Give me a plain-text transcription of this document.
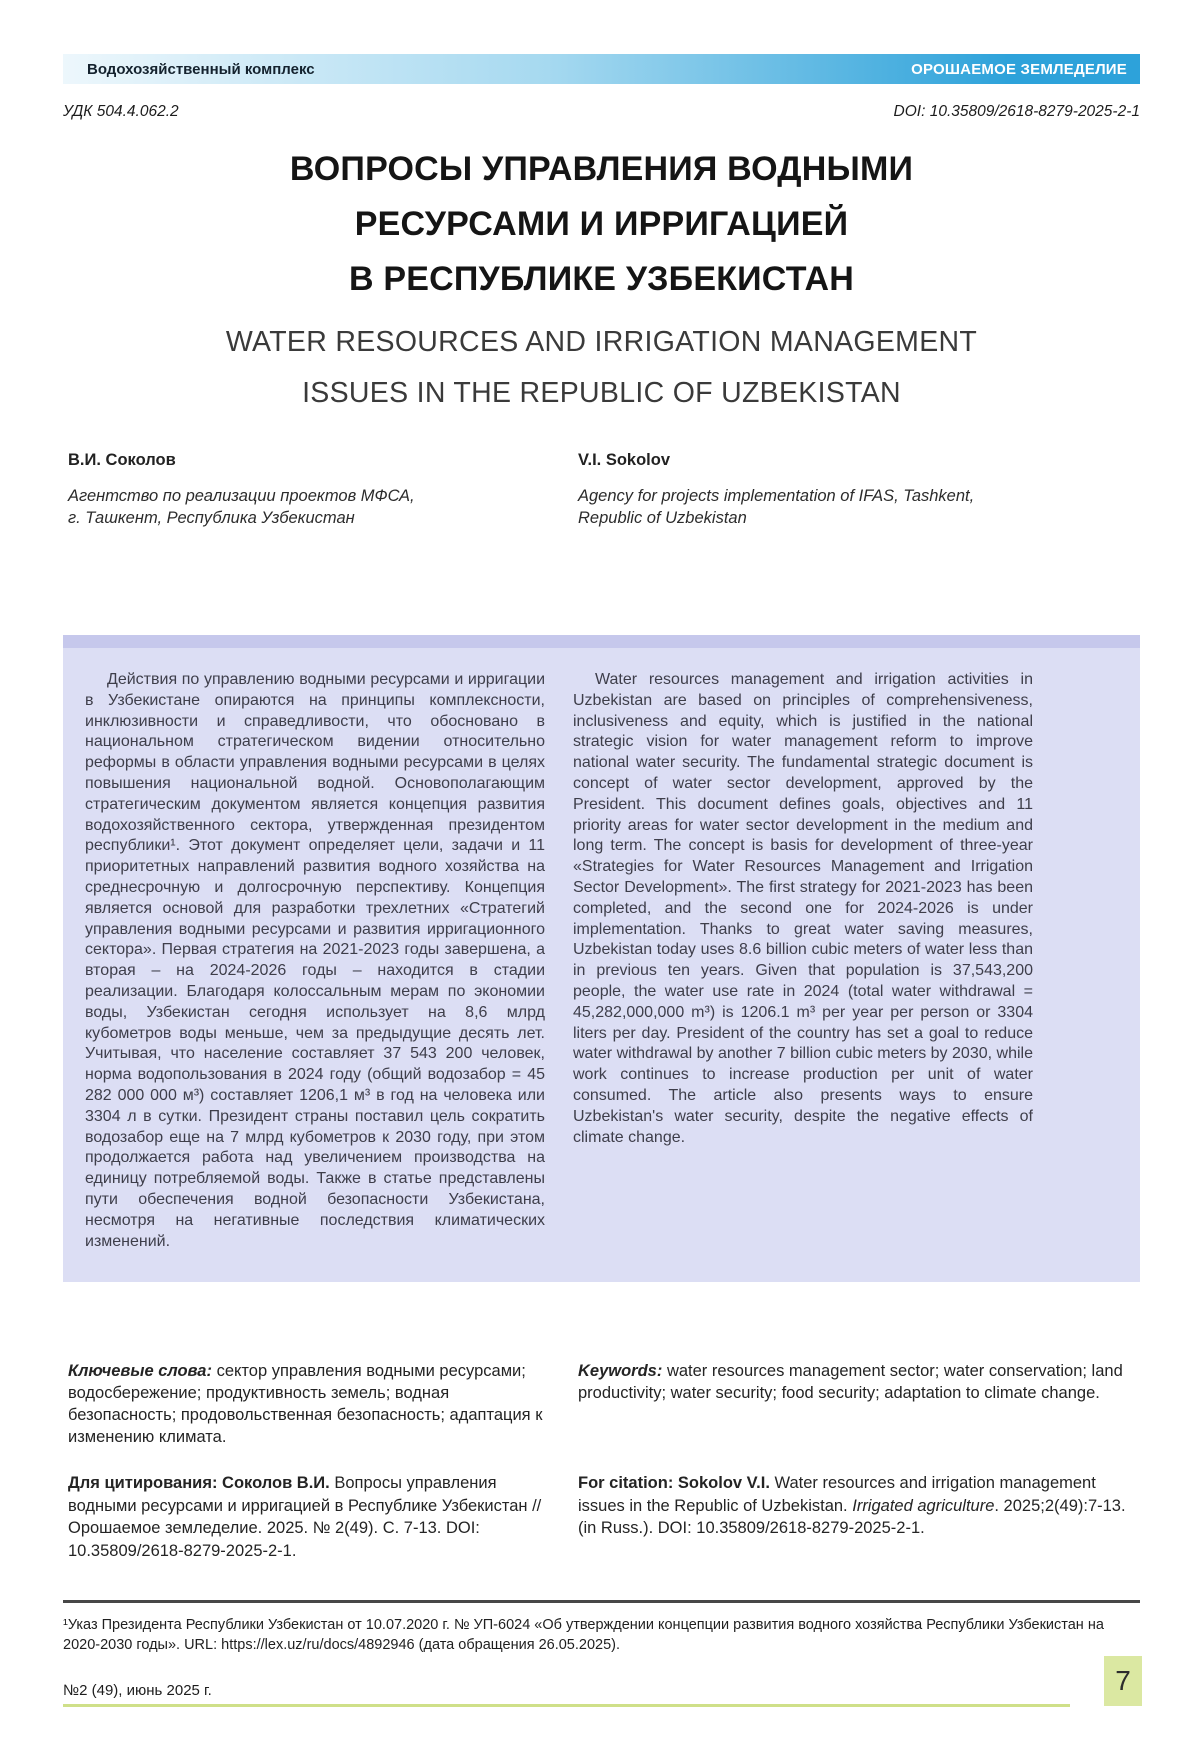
Водохозяйственный комплекс	ОРОШАЕМОЕ ЗЕМЛЕДЕЛИЕ
УДК 504.4.062.2	DOI: 10.35809/2618-8279-2025-2-1
ВОПРОСЫ УПРАВЛЕНИЯ ВОДНЫМИ
РЕСУРСАМИ И ИРРИГАЦИЕЙ
В РЕСПУБЛИКЕ УЗБЕКИСТАН
WATER RESOURCES AND IRRIGATION MANAGEMENT
ISSUES IN THE REPUBLIC OF UZBEKISTAN
В.И. Соколов
Агентство по реализации проектов МФСА,
г. Ташкент, Республика Узбекистан
V.I. Sokolov
Agency for projects implementation of IFAS, Tashkent,
Republic of Uzbekistan

Действия по управлению водными ресурсами и ирригации в Узбекистане опираются на принципы комплексности, инклюзивности и справедливости, что обосновано в национальном стратегическом видении относительно реформы в области управления водными ресурсами в целях повышения национальной водной. Основополагающим стратегическим документом является концепция развития водохозяйственного сектора, утвержденная президентом республики¹. Этот документ определяет цели, задачи и 11 приоритетных направлений развития водного хозяйства на среднесрочную и долгосрочную перспективу. Концепция является основой для разработки трехлетних «Стратегий управления водными ресурсами и развития ирригационного сектора». Первая стратегия на 2021-2023 годы завершена, а вторая – на 2024-2026 годы – находится в стадии реализации. Благодаря колоссальным мерам по экономии воды, Узбекистан сегодня использует на 8,6 млрд кубометров воды меньше, чем за предыдущие десять лет. Учитывая, что население составляет 37 543 200 человек, норма водопользования в 2024 году (общий водозабор = 45 282 000 000 м³) составляет 1206,1 м³ в год на человека или 3304 л в сутки. Президент страны поставил цель сократить водозабор еще на 7 млрд кубометров к 2030 году, при этом продолжается работа над увеличением производства на единицу потребляемой воды. Также в статье представлены пути обеспечения водной безопасности Узбекистана, несмотря на негативные последствия климатических изменений.

Water resources management and irrigation activities in Uzbekistan are based on principles of comprehensiveness, inclusiveness and equity, which is justified in the national strategic vision for water management reform to improve national water security. The fundamental strategic document is concept of water sector development, approved by the President. This document defines goals, objectives and 11 priority areas for water sector development in the medium and long term. The concept is basis for development of three-year «Strategies for Water Resources Management and Irrigation Sector Development». The first strategy for 2021-2023 has been completed, and the second one for 2024-2026 is under implementation. Thanks to great water saving measures, Uzbekistan today uses 8.6 billion cubic meters of water less than in previous ten years. Given that population is 37,543,200 people, the water use rate in 2024 (total water withdrawal = 45,282,000,000 m³) is 1206.1 m³ per year per person or 3304 liters per day. President of the country has set a goal to reduce water withdrawal by another 7 billion cubic meters by 2030, while work continues to increase production per unit of water consumed. The article also presents ways to ensure Uzbekistan's water security, despite the negative effects of climate change.

Ключевые слова: сектор управления водными ресурсами; водосбережение; продуктивность земель; водная безопасность; продовольственная безопасность; адаптация к изменению климата.

Keywords: water resources management sector; water conservation; land productivity; water security; food security; adaptation to climate change.

Для цитирования: Соколов В.И. Вопросы управления водными ресурсами и ирригацией в Республике Узбекистан // Орошаемое земледелие. 2025. № 2(49). С. 7-13. DOI: 10.35809/2618-8279-2025-2-1.

For citation: Sokolov V.I. Water resources and irrigation management issues in the Republic of Uzbekistan. Irrigated agriculture. 2025;2(49):7-13. (in Russ.). DOI: 10.35809/2618-8279-2025-2-1.

¹Указ Президента Республики Узбекистан от 10.07.2020 г. № УП-6024 «Об утверждении концепции развития водного хозяйства Республики Узбекистан на 2020-2030 годы». URL: https://lex.uz/ru/docs/4892946 (дата обращения 26.05.2025).

№2 (49), июнь 2025 г.	7
